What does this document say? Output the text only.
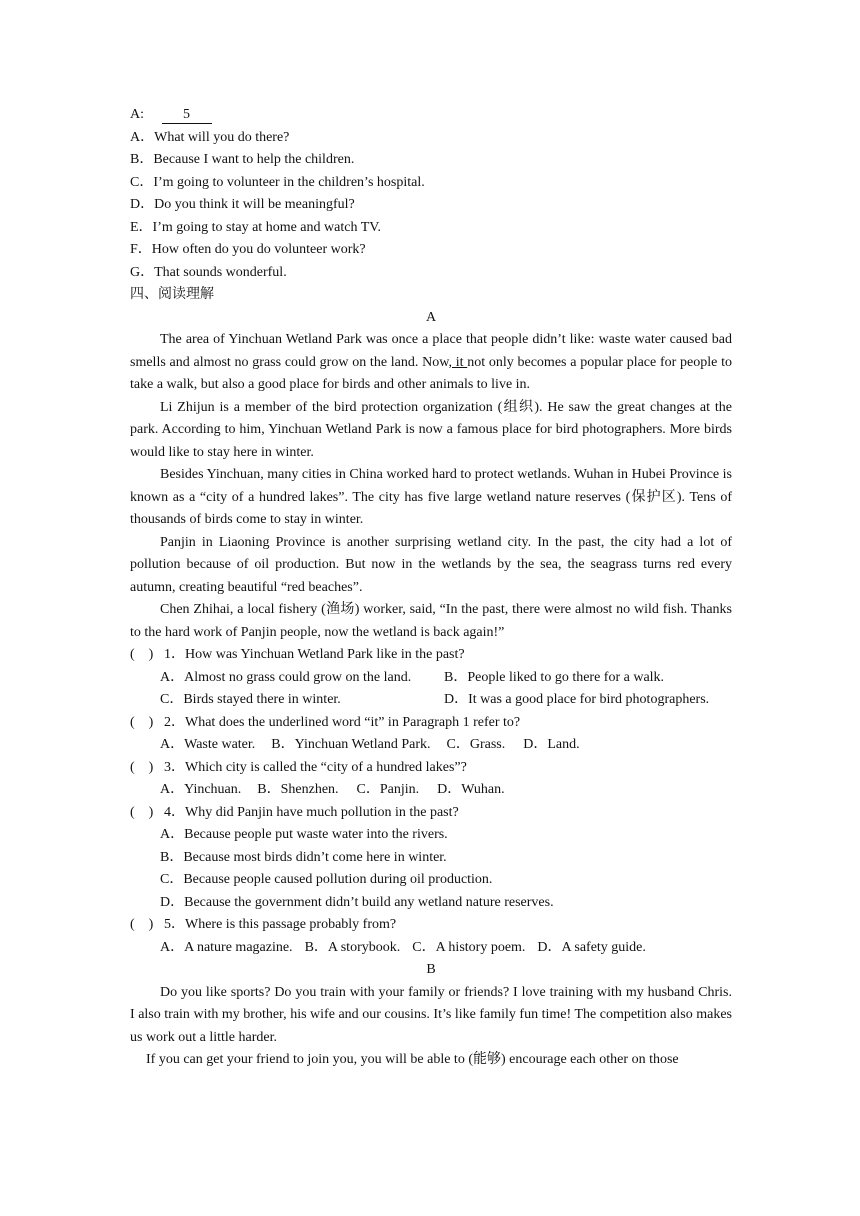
A:	5
A．What will you do there?
B．Because I want to help the children.
C．I’m going to volunteer in the children’s hospital.
D．Do you think it will be meaningful?
E．I’m going to stay at home and watch TV.
F．How often do you do volunteer work?
G．That sounds wonderful.
四、阅读理解
A

The area of Yinchuan Wetland Park was once a place that people didn’t like: waste water caused bad smells and almost no grass could grow on the land. Now, it not only becomes a popular place for people to take a walk, but also a good place for birds and other animals to live in.

Li Zhijun is a member of the bird protection organization (组织). He saw the great changes at the park. According to him, Yinchuan Wetland Park is now a famous place for bird photographers. More birds would like to stay here in winter.

Besides Yinchuan, many cities in China worked hard to protect wetlands. Wuhan in Hubei Province is known as a “city of a hundred lakes”. The city has five large wetland nature reserves (保护区). Tens of thousands of birds come to stay in winter.

Panjin in Liaoning Province is another surprising wetland city. In the past, the city had a lot of pollution because of oil production. But now in the wetlands by the sea, the seagrass turns red every autumn, creating beautiful “red beaches”.

Chen Zhihai, a local fishery (渔场) worker, said, “In the past, there were almost no wild fish. Thanks to the hard work of Panjin people, now the wetland is back again!”

(    ) 1．How was Yinchuan Wetland Park like in the past?
A．Almost no grass could grow on the land. B．People liked to go there for a walk.
C．Birds stayed there in winter.	D．It was a good place for bird photographers.
(    ) 2．What does the underlined word “it” in Paragraph 1 refer to?
A．Waste water. B．Yinchuan Wetland Park. C．Grass. D．Land.
(    ) 3．Which city is called the “city of a hundred lakes”?
A．Yinchuan. B．Shenzhen. C．Panjin. D．Wuhan.
(    ) 4．Why did Panjin have much pollution in the past?
A．Because people put waste water into the rivers.
B．Because most birds didn’t come here in winter.
C．Because people caused pollution during oil production.
D．Because the government didn’t build any wetland nature reserves.
(    ) 5．Where is this passage probably from?
A．A nature magazine. B．A storybook. C．A history poem. D．A safety guide.
B

Do you like sports? Do you train with your family or friends? I love training with my husband Chris. I also train with my brother, his wife and our cousins. It’s like family fun time! The competition also makes us work out a little harder.

If you can get your friend to join you, you will be able to (能够) encourage each other on those
